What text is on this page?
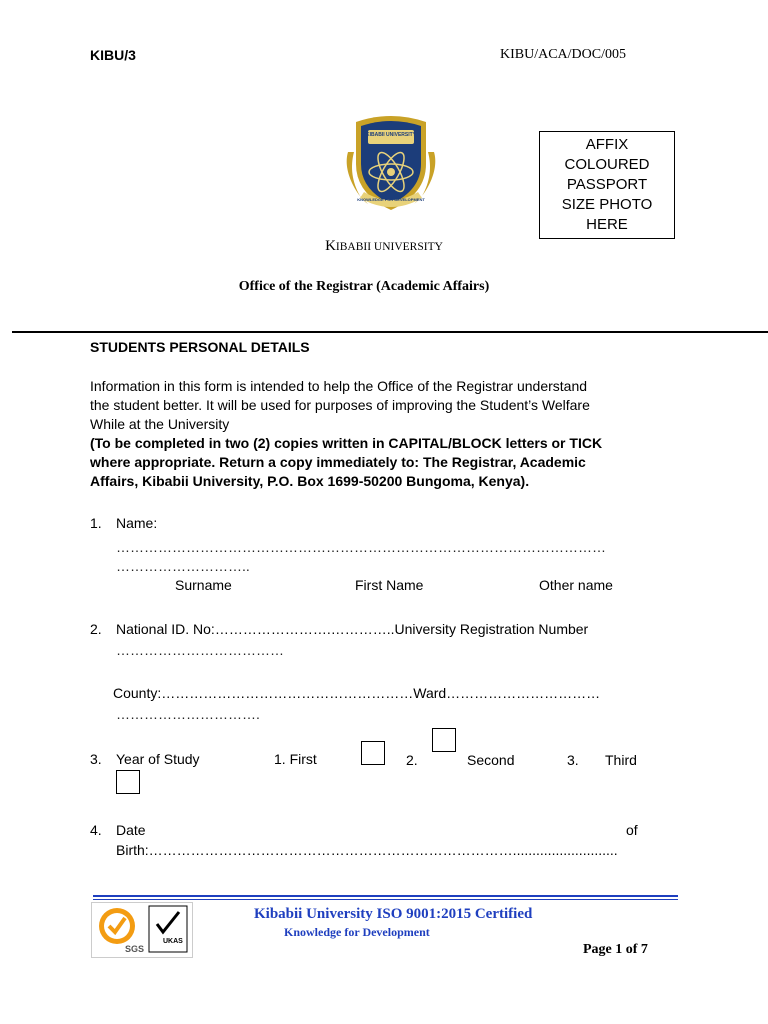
KIBU/3	KIBU/ACA/DOC/005
KIBABII UNIVERSITY
KNOWLEDGE FOR DEVELOPMENT
AFFIX
COLOURED
PASSPORT
SIZE PHOTO
HERE
KIBABII UNIVERSITY
Office of the Registrar (Academic Affairs)
STUDENTS PERSONAL DETAILS
Information in this form is intended to help the Office of the Registrar understand
the student better. It will be used for purposes of improving the Student’s Welfare
While at the University
(To be completed in two (2) copies written in CAPITAL/BLOCK letters or TICK
where appropriate. Return a copy immediately to: The Registrar, Academic
Affairs, Kibabii University, P.O. Box 1699-50200 Bungoma, Kenya).
1. Name:
……………………………………………………………………………………………
………………………..
Surname	First Name	Other name
2. National ID. No:…………………….…………..University Registration Number
………………………………
County:………………………………………………Ward……………………………
………………………….
3. Year of Study	1. First	2.	Second	3. Third
4. Date	of
Birth:……………………………………………………………………...........................
SGS
UKAS
Kibabii University ISO 9001:2015 Certified
Knowledge for Development
Page 1 of 7
